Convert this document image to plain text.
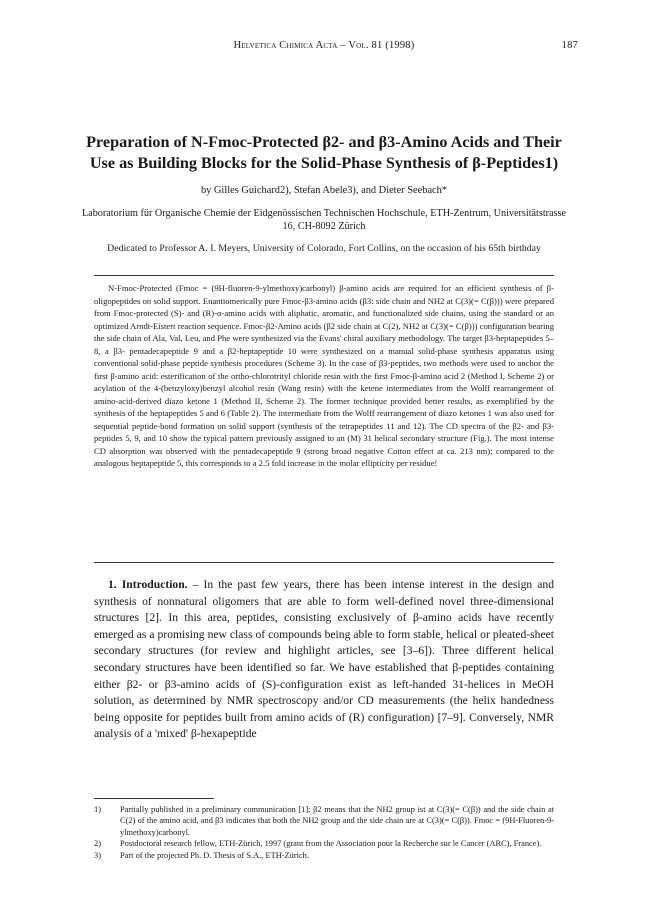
Helvetica Chimica Acta – Vol. 81 (1998)	187
Preparation of N-Fmoc-Protected β2- and β3-Amino Acids and Their Use as Building Blocks for the Solid-Phase Synthesis of β-Peptides1)
by Gilles Guichard2), Stefan Abele3), and Dieter Seebach*
Laboratorium für Organische Chemie der Eidgenössischen Technischen Hochschule, ETH-Zentrum, Universitätstrasse 16, CH-8092 Zürich
Dedicated to Professor A. I. Meyers, University of Colorado, Fort Collins, on the occasion of his 65th birthday
N-Fmoc-Protected (Fmoc = (9H-fluoren-9-ylmethoxy)carbonyl) β-amino acids are required for an efficient synthesis of β-oligopeptides on solid support. Enantiomerically pure Fmoc-β3-amino acids (β3: side chain and NH2 at C(3)(= C(β))) were prepared from Fmoc-protected (S)- and (R)-α-amino acids with aliphatic, aromatic, and functionalized side chains, using the standard or an optimized Arndt-Eistert reaction sequence. Fmoc-β2-Amino acids (β2 side chain at C(2), NH2 at C(3)(= C(β))) configuration bearing the side chain of Ala, Val, Leu, and Phe were synthesized via the Evans' chiral auxiliary methodology. The target β3-heptapeptides 5–8, a β3- pentadecapeptide 9 and a β2-heptapeptide 10 were synthesized on a manual solid-phase synthesis apparatus using conventional solid-phase peptide synthesis procedures (Scheme 3). In the case of β3-peptides, two methods were used to anchor the first β-amino acid: esterification of the ortho-chlorotrityl chloride resin with the first Fmoc-β-amino acid 2 (Method I, Scheme 2) or acylation of the 4-(benzyloxy)benzyl alcohol resin (Wang resin) with the ketene intermediates from the Wolff rearrangement of amino-acid-derived diazo ketone 1 (Method II, Scheme 2). The former technique provided better results, as exemplified by the synthesis of the heptapeptides 5 and 6 (Table 2). The intermediate from the Wolff rearrangement of diazo ketones 1 was also used for sequential peptide-bond formation on solid support (synthesis of the tetrapeptides 11 and 12). The CD spectra of the β2- and β3-peptides 5, 9, and 10 show the typical pattern previously assigned to an (M) 31 helical secondary structure (Fig.). The most intense CD absorption was observed with the pentadecapeptide 9 (strong broad negative Cotton effect at ca. 213 nm); compared to the analogous heptapeptide 5, this corresponds to a 2.5 fold increase in the molar ellipticity per residue!
1. Introduction. – In the past few years, there has been intense interest in the design and synthesis of nonnatural oligomers that are able to form well-defined novel three-dimensional structures [2]. In this area, peptides, consisting exclusively of β-amino acids have recently emerged as a promising new class of compounds being able to form stable, helical or pleated-sheet secondary structures (for review and highlight articles, see [3–6]). Three different helical secondary structures have been identified so far. We have established that β-peptides containing either β2- or β3-amino acids of (S)-configuration exist as left-handed 31-helices in MeOH solution, as determined by NMR spectroscopy and/or CD measurements (the helix handedness being opposite for peptides built from amino acids of (R) configuration) [7–9]. Conversely, NMR analysis of a 'mixed' β-hexapeptide
1) Partially published in a preliminary communication [1]; β2 means that the NH2 group ist at C(3)(= C(β)) and the side chain at C(2) of the amino acid, and β3 indicates that both the NH2 group and the side chain are at C(3)(= C(β)). Fmoc = (9H-Fluoren-9-ylmethoxy)carbonyl.
2) Postdoctoral research fellow, ETH-Zürich, 1997 (grant from the Association pour la Recherche sur le Cancer (ARC), France).
3) Part of the projected Ph. D. Thesis of S.A., ETH-Zürich.
